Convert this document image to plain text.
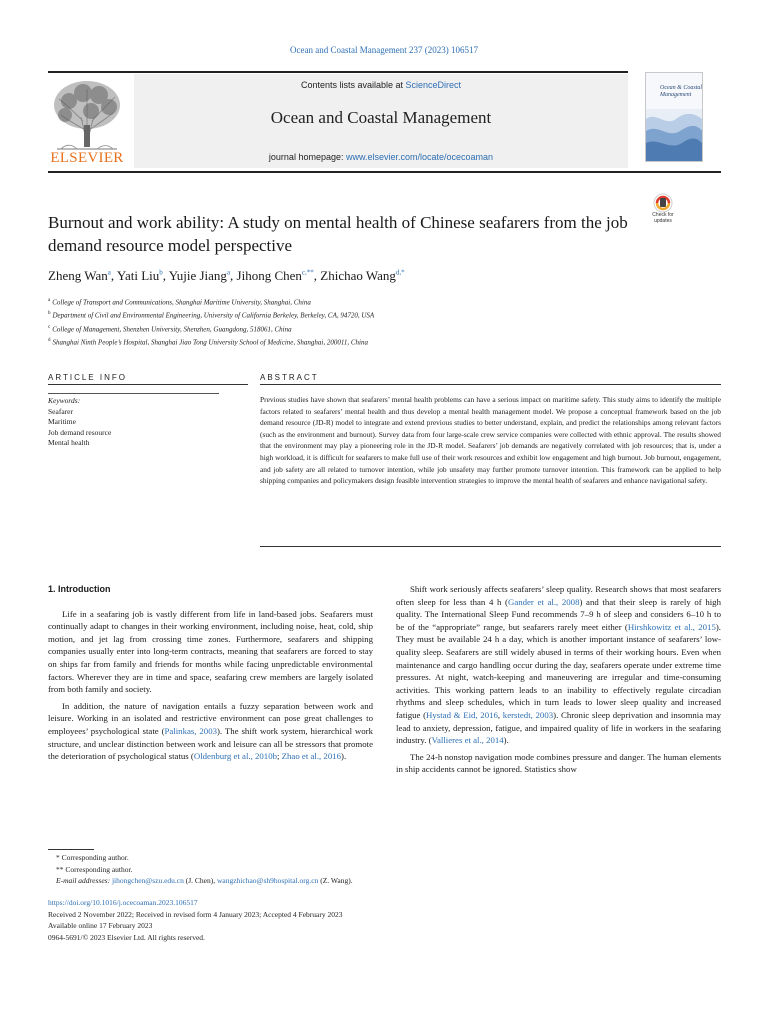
Ocean and Coastal Management 237 (2023) 106517
ELSEVIER
Contents lists available at ScienceDirect
Ocean and Coastal Management
journal homepage: www.elsevier.com/locate/ocecoaman
Ocean & Coastal Management
Check for updates
Burnout and work ability: A study on mental health of Chinese seafarers from the job demand resource model perspective
Zheng Wan$^a$, Yati Liu$^b$, Yujie Jiang$^a$, Jihong Chen$^{c,**}$, Zhichao Wang$^{d,*}$
$^a$ College of Transport and Communications, Shanghai Maritime University, Shanghai, China
$^b$ Department of Civil and Environmental Engineering, University of California Berkeley, Berkeley, CA, 94720, USA
$^c$ College of Management, Shenzhen University, Shenzhen, Guangdong, 518061, China
$^d$ Shanghai Ninth People’s Hospital, Shanghai Jiao Tong University School of Medicine, Shanghai, 200011, China
ARTICLE INFO	ABSTRACT
Keywords:
Seafarer
Maritime
Job demand resource
Mental health
Previous studies have shown that seafarers’ mental health problems can have a serious impact on maritime safety. This study aims to identify the multiple factors related to seafarers’ mental health and thus develop a mental health management model. We propose a conceptual framework based on the job demand resource (JD-R) model to integrate and extend previous studies to better understand, explain, and predict the relationships among relevant factors (such as the environment and burnout). Survey data from four large-scale crew service companies were collected with ethnic approval. The results showed that the environment may play a pioneering role in the JD-R model. Seafarers’ job demands are negatively correlated with job resources; that is, under a high workload, it is difficult for seafarers to make full use of their work resources and exhibit low engagement and high burnout. Job burnout, engagement, and job safety are all related to turnover intention, while job unsafety may further promote turnover intention. This framework can be applied to help shipping companies and policymakers design feasible intervention strategies to improve the mental health of seafarers and enhance navigational safety.
1. Introduction

Life in a seafaring job is vastly different from life in land-based jobs. Seafarers must continually adapt to changes in their working environment, including noise, heat, cold, ship motion, and jet lag from crossing time zones. Furthermore, seafarers and shipping companies usually enter into long-term contracts, meaning that seafarers are forced to stay on ships far from family and friends for months while facing unpredictable environmental factors. Wherever they are in time and space, seafaring crew members are largely isolated from both family and society.

In addition, the nature of navigation entails a fuzzy separation between work and leisure. Working in an isolated and restrictive environment can pose great challenges to employees’ psychological state (Palinkas, 2003). The shift work system, hierarchical work structure, and unclear distinction between work and leisure can all be stressors that promote the deterioration of psychological status (Oldenburg et al., 2010b; Zhao et al., 2016).

Shift work seriously affects seafarers’ sleep quality. Research shows that most seafarers often sleep for less than 4 h (Gander et al., 2008) and that their sleep is rarely of high quality. The International Sleep Fund recommends 7–9 h of sleep and considers 6–10 h to be of the “appropriate” range, but seafarers rarely meet either (Hirshkowitz et al., 2015). They must be available 24 h a day, which is another important instance of seafarers’ low-quality sleep. Seafarers are still widely abused in terms of their working hours. Even when maintenance and cargo handling occur during the day, seafarers operate under extreme time pressures. At night, watch-keeping and maneuvering are irregular and time-consuming activities. This working pattern leads to an inability to effectively regulate circadian rhythms and sleep schedules, which in turn leads to lower sleep quality and increased fatigue (Hystad & Eid, 2016, kerstedt, 2003). Chronic sleep deprivation and insomnia may lead to anxiety, depression, fatigue, and impaired quality of life in workers in the seafaring industry. (Vallieres et al., 2014).

The 24-h nonstop navigation mode combines pressure and danger. The human elements in ship accidents cannot be ignored. Statistics show

* Corresponding author.
** Corresponding author.
E-mail addresses: jihongchen@szu.edu.cn (J. Chen), wangzhichao@sh9hospital.org.cn (Z. Wang).
https://doi.org/10.1016/j.ocecoaman.2023.106517
Received 2 November 2022; Received in revised form 4 January 2023; Accepted 4 February 2023
Available online 17 February 2023
0964-5691/© 2023 Elsevier Ltd. All rights reserved.
